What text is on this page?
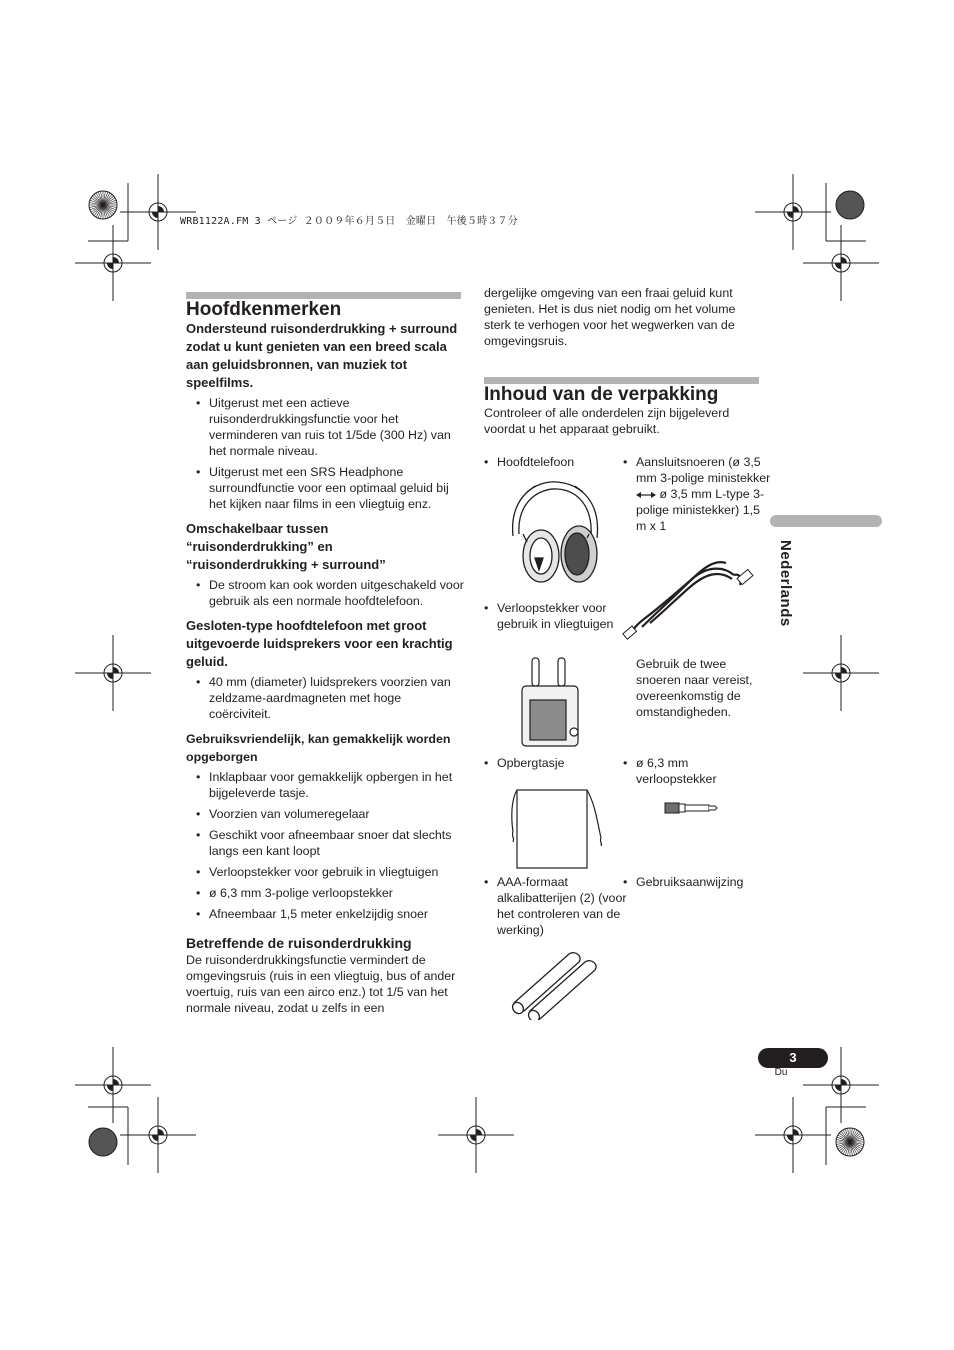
WRB1122A.FM 3 ページ ２００９年６月５日　金曜日　午後５時３７分
Hoofdkenmerken
Ondersteund ruisonderdrukking + surround zodat u kunt genieten van een breed scala aan geluidsbronnen, van muziek tot speelfilms.
• Uitgerust met een actieve ruisonderdrukkingsfunctie voor het verminderen van ruis tot 1/5de (300 Hz) van het normale niveau.
• Uitgerust met een SRS Headphone surroundfunctie voor een optimaal geluid bij het kijken naar films in een vliegtuig enz.
Omschakelbaar tussen “ruisonderdrukking” en “ruisonderdrukking + surround”
• De stroom kan ook worden uitgeschakeld voor gebruik als een normale hoofdtelefoon.
Gesloten-type hoofdtelefoon met groot uitgevoerde luidsprekers voor een krachtig geluid.
• 40 mm (diameter) luidsprekers voorzien van zeldzame-aardmagneten met hoge coërciviteit.
Gebruiksvriendelijk, kan gemakkelijk worden opgeborgen
• Inklapbaar voor gemakkelijk opbergen in het bijgeleverde tasje.
• Voorzien van volumeregelaar
• Geschikt voor afneembaar snoer dat slechts langs een kant loopt
• Verloopstekker voor gebruik in vliegtuigen
• ø 6,3 mm 3-polige verloopstekker
• Afneembaar 1,5 meter enkelzijdig snoer
Betreffende de ruisonderdrukking

De ruisonderdrukkingsfunctie vermindert de omgevingsruis (ruis in een vliegtuig, bus of ander voertuig, ruis van een airco enz.) tot 1/5 van het normale niveau, zodat u zelfs in een

dergelijke omgeving van een fraai geluid kunt genieten. Het is dus niet nodig om het volume sterk te verhogen voor het wegwerken van de omgevingsruis.

Inhoud van de verpakking

Controleer of alle onderdelen zijn bijgeleverd voordat u het apparaat gebruikt.

• Hoofdtelefoon	• Aansluitsnoeren (ø 3,5 mm 3-polige ministekker  ø 3,5 mm L-type 3-polige ministekker) 1,5 m x 1
• Verloopstekker voor gebruik in vliegtuigen

Gebruik de twee snoeren naar vereist, overeenkomstig de omstandigheden.

• Opbergtasje	• ø 6,3 mm verloopstekker
• AAA-formaat alkalibatterijen (2) (voor het controleren van de werking)
• Gebruiksaanwijzing
Nederlands
3
Du
